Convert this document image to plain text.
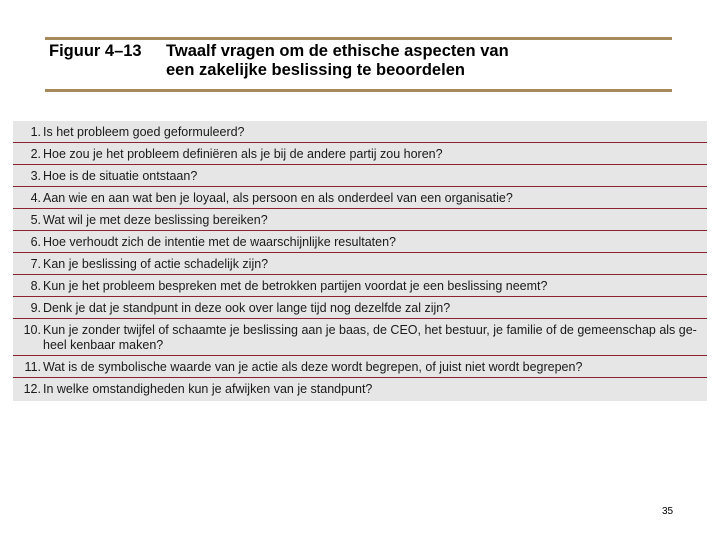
Figuur 4–13 Twaalf vragen om de ethische aspecten van
een zakelijke beslissing te beoordelen
1. Is het probleem goed geformuleerd?
2. Hoe zou je het probleem definiëren als je bij de andere partij zou horen?
3. Hoe is de situatie ontstaan?
4. Aan wie en aan wat ben je loyaal, als persoon en als onderdeel van een organisatie?
5. Wat wil je met deze beslissing bereiken?
6. Hoe verhoudt zich de intentie met de waarschijnlijke resultaten?
7. Kan je beslissing of actie schadelijk zijn?
8. Kun je het probleem bespreken met de betrokken partijen voordat je een beslissing neemt?
9. Denk je dat je standpunt in deze ook over lange tijd nog dezelfde zal zijn?
10. Kun je zonder twijfel of schaamte je beslissing aan je baas, de CEO, het bestuur, je familie of de gemeenschap als ge-
heel kenbaar maken?
11. Wat is de symbolische waarde van je actie als deze wordt begrepen, of juist niet wordt begrepen?
12. In welke omstandigheden kun je afwijken van je standpunt?
35
